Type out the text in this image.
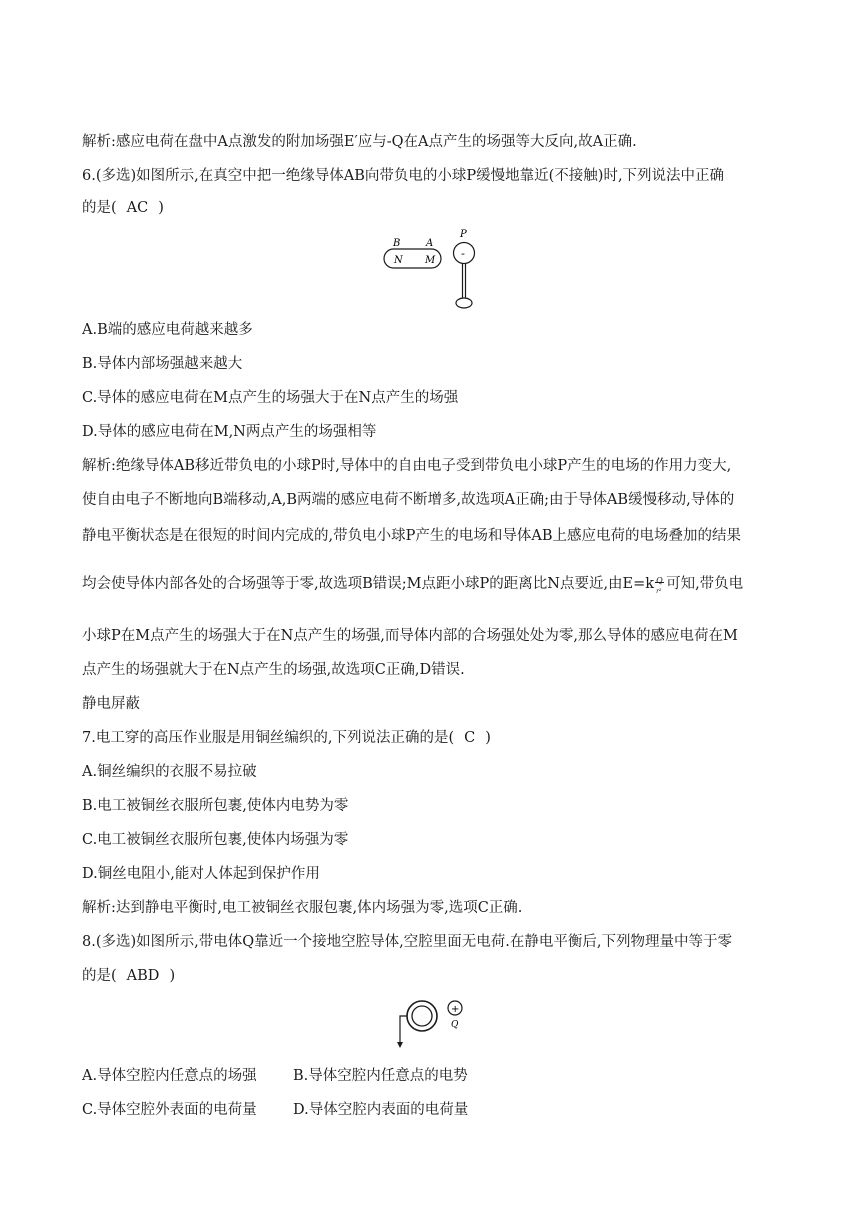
解析:感应电荷在盘中A点激发的附加场强E′应与-Q在A点产生的场强等大反向,故A正确.
6.(多选)如图所示,在真空中把一绝缘导体AB向带负电的小球P缓慢地靠近(不接触)时,下列说法中正确
的是( AC )
B	A
N M
P
-
A.B端的感应电荷越来越多
B.导体内部场强越来越大
C.导体的感应电荷在M点产生的场强大于在N点产生的场强
D.导体的感应电荷在M,N两点产生的场强相等
解析:绝缘导体AB移近带负电的小球P时,导体中的自由电子受到带负电小球P产生的电场的作用力变大,
使自由电子不断地向B端移动,A,B两端的感应电荷不断增多,故选项A正确;由于导体AB缓慢移动,导体的
静电平衡状态是在很短的时间内完成的,带负电小球P产生的电场和导体AB上感应电荷的电场叠加的结果
均会使导体内部各处的合场强等于零,故选项B错误;M点距小球P的距离比N点要近,由E=k Q
r² 可知,带负电
小球P在M点产生的场强大于在N点产生的场强,而导体内部的合场强处处为零,那么导体的感应电荷在M
点产生的场强就大于在N点产生的场强,故选项C正确,D错误.
静电屏蔽
7.电工穿的高压作业服是用铜丝编织的,下列说法正确的是( C )
A.铜丝编织的衣服不易拉破
B.电工被铜丝衣服所包裹,使体内电势为零
C.电工被铜丝衣服所包裹,使体内场强为零
D.铜丝电阻小,能对人体起到保护作用
解析:达到静电平衡时,电工被铜丝衣服包裹,体内场强为零,选项C正确.
8.(多选)如图所示,带电体Q靠近一个接地空腔导体,空腔里面无电荷.在静电平衡后,下列物理量中等于零
的是( ABD )
+
Q
A.导体空腔内任意点的场强	B.导体空腔内任意点的电势
C.导体空腔外表面的电荷量	D.导体空腔内表面的电荷量
